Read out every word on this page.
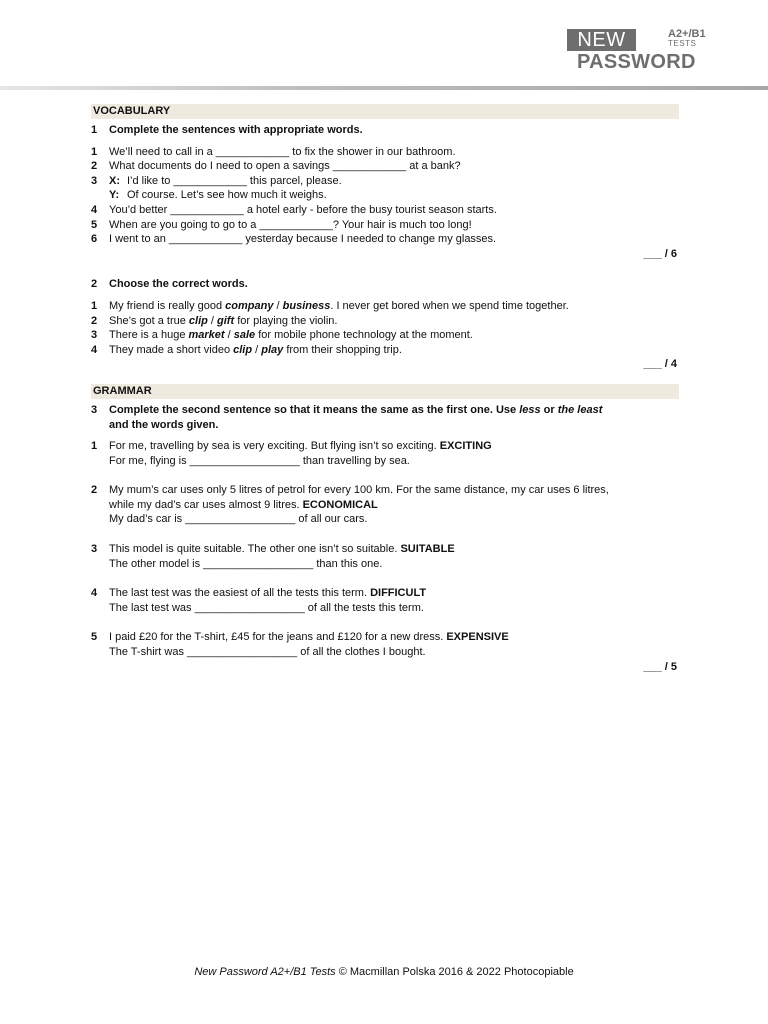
NEW	A2+/B1
TESTS
PASSWORD
VOCABULARY
1	Complete the sentences with appropriate words.
1	We’ll need to call in a ____________ to fix the shower in our bathroom.
2	What documents do I need to open a savings ____________ at a bank?
3	X: I’d like to ____________ this parcel, please.
Y: Of course. Let’s see how much it weighs.
4	You’d better ____________ a hotel early - before the busy tourist season starts.
5	When are you going to go to a ____________? Your hair is much too long!
6	I went to an ____________ yesterday because I needed to change my glasses.
___ / 6
2	Choose the correct words.
1	My friend is really good company / business. I never get bored when we spend time together.
2	She’s got a true clip / gift for playing the violin.
3	There is a huge market / sale for mobile phone technology at the moment.
4	They made a short video clip / play from their shopping trip.
___ / 4
GRAMMAR
3	Complete the second sentence so that it means the same as the first one. Use less or the least
and the words given.
1	For me, travelling by sea is very exciting. But flying isn’t so exciting. EXCITING
For me, flying is __________________ than travelling by sea.
2	My mum’s car uses only 5 litres of petrol for every 100 km. For the same distance, my car uses 6 litres,
while my dad’s car uses almost 9 litres. ECONOMICAL
My dad’s car is __________________ of all our cars.
3	This model is quite suitable. The other one isn’t so suitable. SUITABLE
The other model is __________________ than this one.
4	The last test was the easiest of all the tests this term. DIFFICULT
The last test was __________________ of all the tests this term.
5	I paid £20 for the T-shirt, £45 for the jeans and £120 for a new dress. EXPENSIVE
The T-shirt was __________________ of all the clothes I bought.
___ / 5
New Password A2+/B1 Tests © Macmillan Polska 2016 & 2022 Photocopiable
